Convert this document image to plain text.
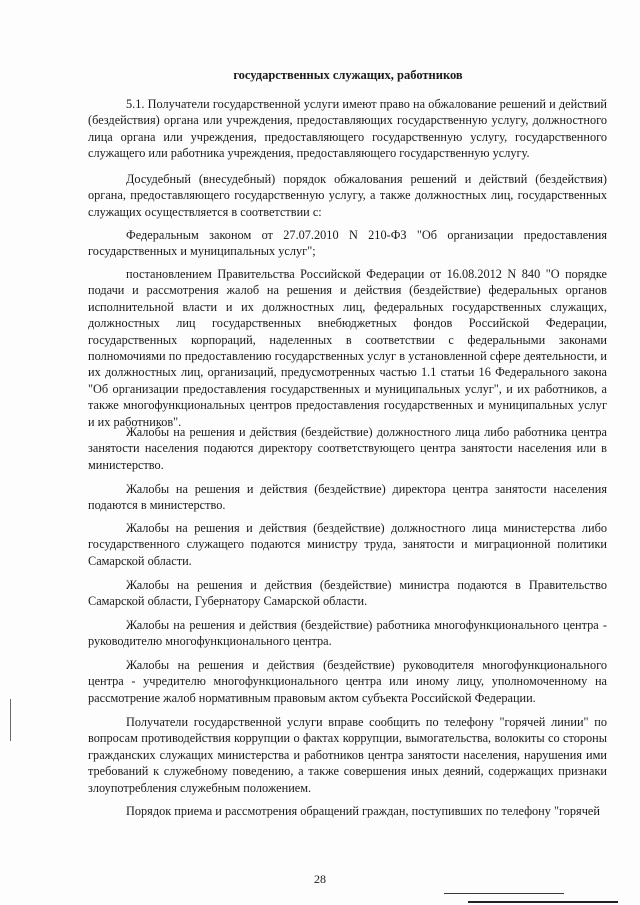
государственных служащих, работников

5.1. Получатели государственной услуги имеют право на обжалование решений и действий (бездействия) органа или учреждения, предоставляющих государственную услугу, должностного лица органа или учреждения, предоставляющего государственную услугу, государственного служащего или работника учреждения, предоставляющего государственную услугу.

Досудебный (внесудебный) порядок обжалования решений и действий (бездействия) органа, предоставляющего государственную услугу, а также должностных лиц, государственных служащих осуществляется в соответствии с:

Федеральным законом от 27.07.2010 N 210-ФЗ "Об организации предоставления государственных и муниципальных услуг";

постановлением Правительства Российской Федерации от 16.08.2012 N 840 "О порядке подачи и рассмотрения жалоб на решения и действия (бездействие) федеральных органов исполнительной власти и их должностных лиц, федеральных государственных служащих, должностных лиц государственных внебюджетных фондов Российской Федерации, государственных корпораций, наделенных в соответствии с федеральными законами полномочиями по предоставлению государственных услуг в установленной сфере деятельности, и их должностных лиц, организаций, предусмотренных частью 1.1 статьи 16 Федерального закона "Об организации предоставления государственных и муниципальных услуг", и их работников, а также многофункциональных центров предоставления государственных и муниципальных услуг и их работников".

Жалобы на решения и действия (бездействие) должностного лица либо работника центра занятости населения подаются директору соответствующего центра занятости населения или в министерство.

Жалобы на решения и действия (бездействие) директора центра занятости населения подаются в министерство.

Жалобы на решения и действия (бездействие) должностного лица министерства либо государственного служащего подаются министру труда, занятости и миграционной политики Самарской области.

Жалобы на решения и действия (бездействие) министра подаются в Правительство Самарской области, Губернатору Самарской области.

Жалобы на решения и действия (бездействие) работника многофункционального центра - руководителю многофункционального центра.

Жалобы на решения и действия (бездействие) руководителя многофункционального центра - учредителю многофункционального центра или иному лицу, уполномоченному на рассмотрение жалоб нормативным правовым актом субъекта Российской Федерации.

Получатели государственной услуги вправе сообщить по телефону "горячей линии" по вопросам противодействия коррупции о фактах коррупции, вымогательства, волокиты со стороны гражданских служащих министерства и работников центра занятости населения, нарушения ими требований к служебному поведению, а также совершения иных деяний, содержащих признаки злоупотребления служебным положением.

Порядок приема и рассмотрения обращений граждан, поступивших по телефону "горячей

28
